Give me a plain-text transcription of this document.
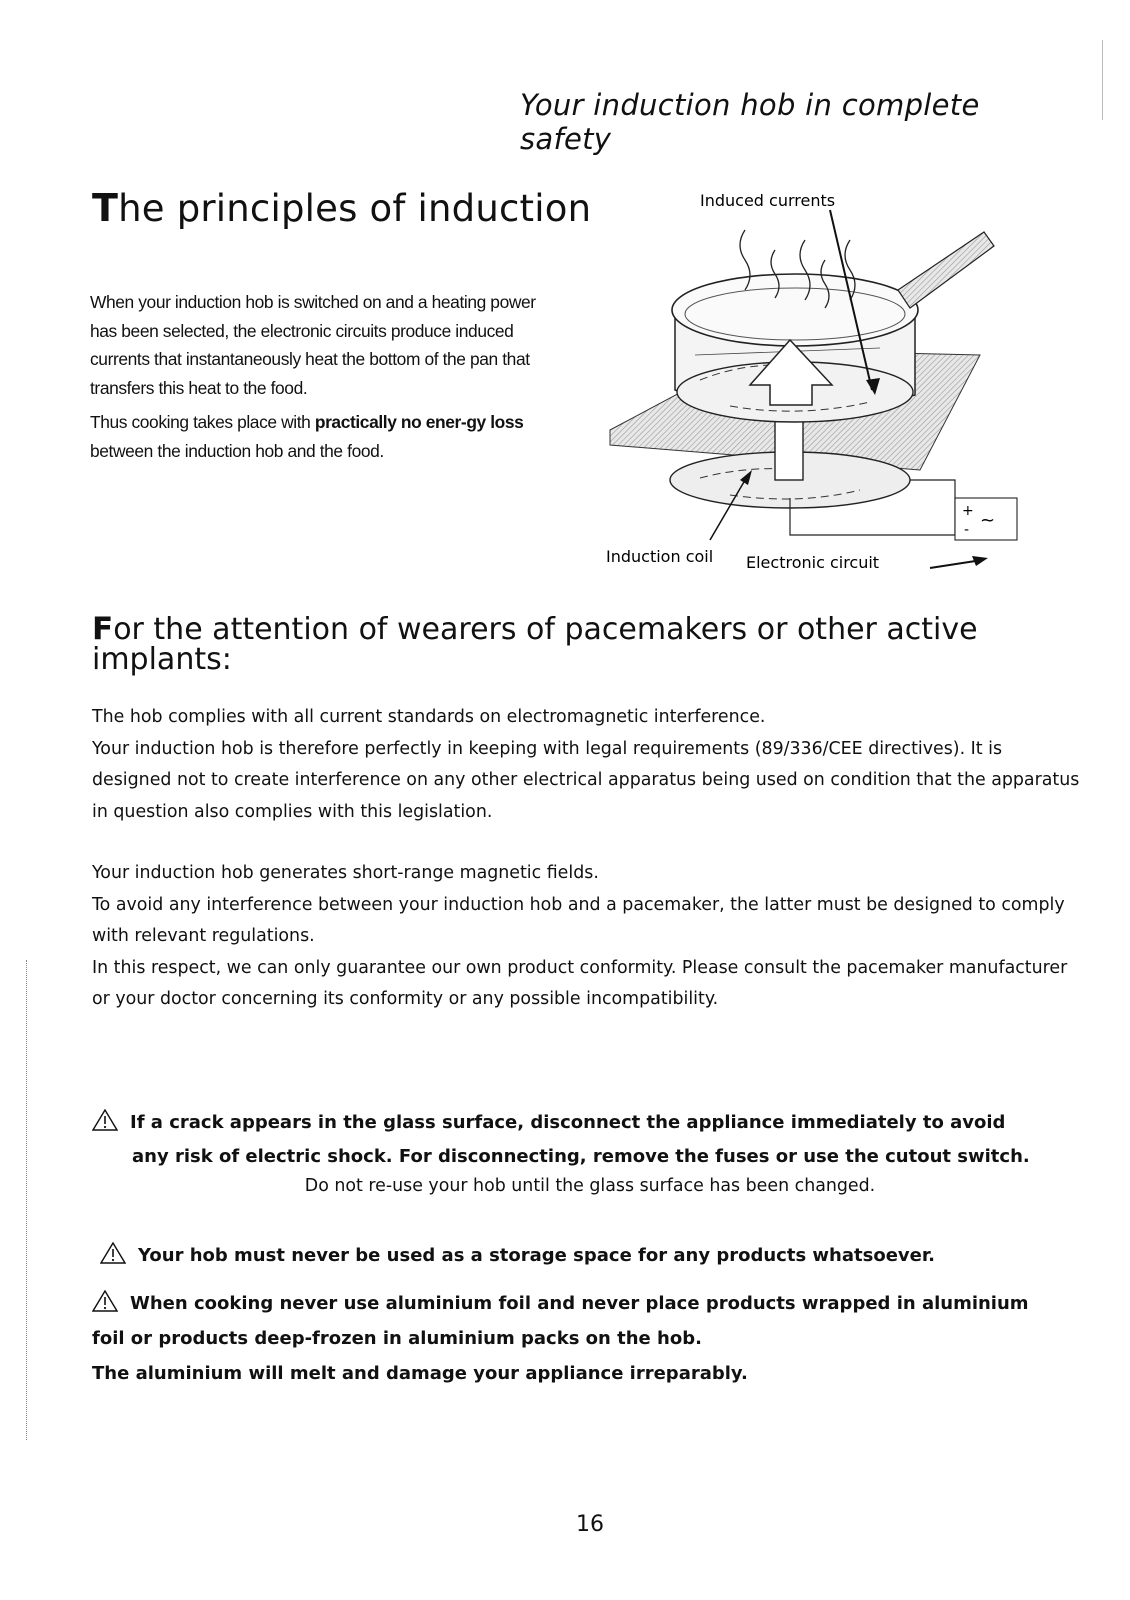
Your induction hob in complete safety
The principles of induction

When your induction hob is switched on and a heating power has been selected, the electronic circuits produce induced currents that instantaneously heat the bottom of the pan that transfers this heat to the food.

Thus cooking takes place with practically no ener-gy loss between the induction hob and the food.

+
- ~
Induced currents
Induction coil Electronic circuit
For the attention of wearers of pacemakers or other active
implants:

The hob complies with all current standards on electromagnetic interference.

Your induction hob is therefore perfectly in keeping with legal requirements (89/336/CEE directives). It is designed not to create interference on any other electrical apparatus being used on condition that the apparatus in question also complies with this legislation.

Your induction hob generates short-range magnetic fields.

To avoid any interference between your induction hob and a pacemaker, the latter must be designed to comply with relevant regulations.

In this respect, we can only guarantee our own product conformity. Please consult the pacemaker manufacturer or your doctor concerning its conformity or any possible incompatibility.

If a crack appears in the glass surface, disconnect the appliance immediately to avoid
any risk of electric shock. For disconnecting, remove the fuses or use the cutout switch.
Do not re-use your hob until the glass surface has been changed.
Your hob must never be used as a storage space for any products whatsoever.

When cooking never use aluminium foil and never place products wrapped in aluminium

foil or products deep-frozen in aluminium packs on the hob.

The aluminium will melt and damage your appliance irreparably.

16
